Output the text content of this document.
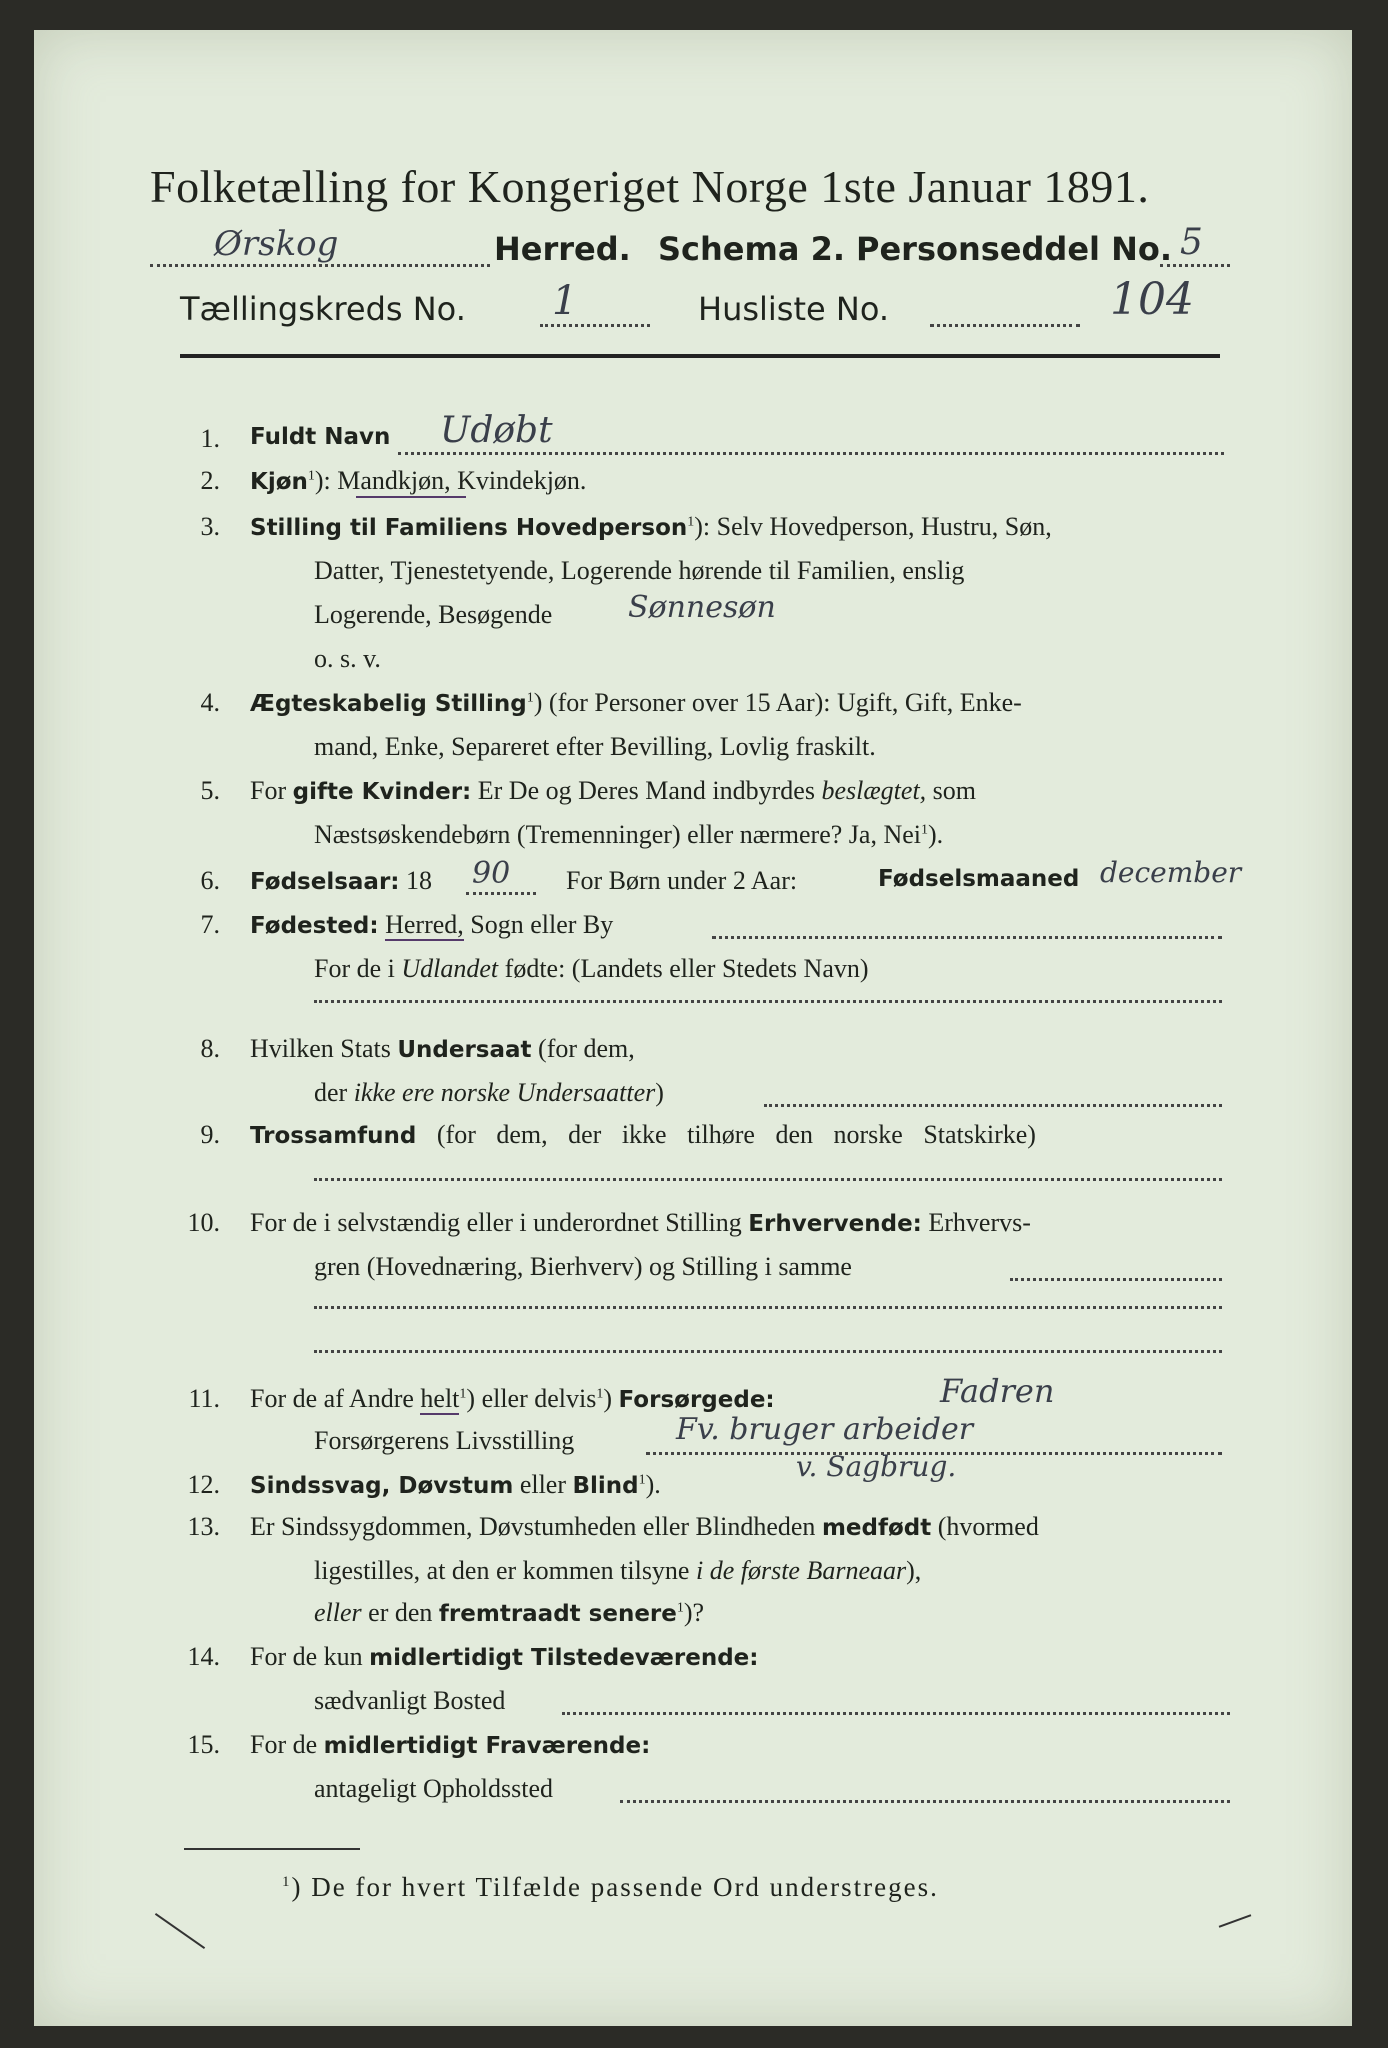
Folketælling for Kongeriget Norge 1ste Januar 1891.
Ørskog	Herred. Schema 2. Personseddel No. 5
Tællingskreds No. 1	Husliste No.	104
1. Fuldt Navn Udøbt
2. Kjøn$^1$): Mandkjøn, Kvindekjøn.
3. Stilling til Familiens Hovedperson$^1$): Selv Hovedperson, Hustru, Søn,
Datter, Tjenestetyende, Logerende hørende til Familien, enslig
Logerende, Besøgende	Sønnesøn
o. s. v.
4. Ægteskabelig Stilling$^1$) (for Personer over 15 Aar): Ugift, Gift, Enke-
mand, Enke, Separeret efter Bevilling, Lovlig fraskilt.
5. For gifte Kvinder: Er De og Deres Mand indbyrdes beslægtet, som
Næstsøskendebørn (Tremenninger) eller nærmere? Ja, Nei$^1$).
6. Fødselsaar: 18 90 For Børn under 2 Aar:	Fødselsmaaned december
7. Fødested: Herred, Sogn eller By
For de i Udlandet fødte: (Landets eller Stedets Navn)
8. Hvilken Stats Undersaat (for dem,
der ikke ere norske Undersaatter)
9. Trossamfund (for dem, der ikke tilhøre den norske Statskirke)
10. For de i selvstændig eller i underordnet Stilling Erhvervende: Erhvervs-
gren (Hovednæring, Bierhverv) og Stilling i samme
11. For de af Andre helt$^1$) eller delvis$^1$) Forsørgede:	Fadren
Forsørgerens Livsstilling	Fv. bruger arbeider
12. Sindssvag, Døvstum eller Blind$^1$).
v. Sagbrug.
13. Er Sindssygdommen, Døvstumheden eller Blindheden medfødt (hvormed
ligestilles, at den er kommen tilsyne i de første Barneaar),
eller er den fremtraadt senere$^1$)?
14. For de kun midlertidigt Tilstedeværende:
sædvanligt Bosted
15. For de midlertidigt Fraværende:
antageligt Opholdssted
$^1$) De for hvert Tilfælde passende Ord understreges.
